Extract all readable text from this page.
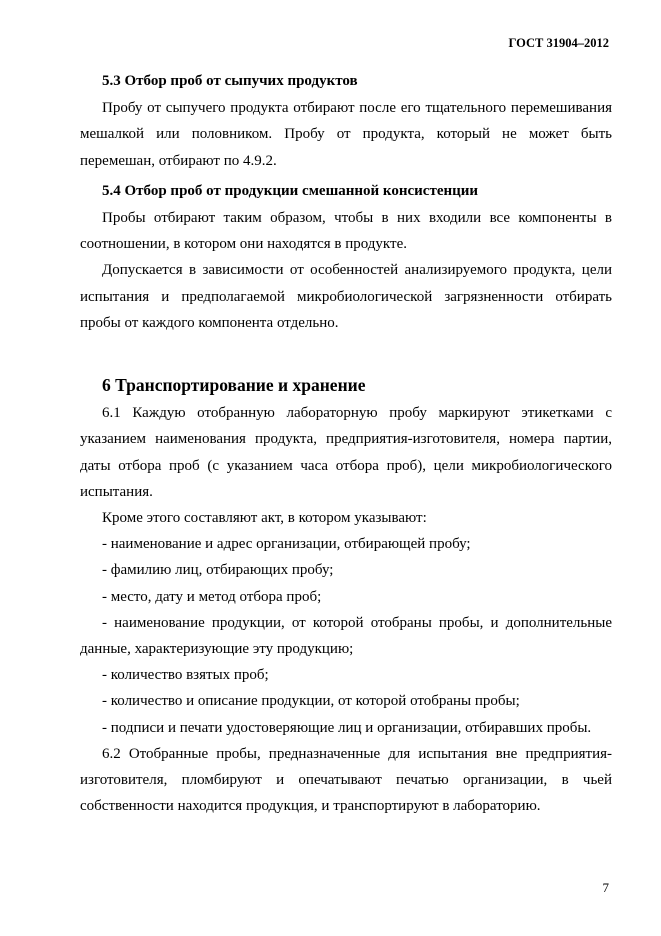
ГОСТ 31904–2012

5.3 Отбор проб от сыпучих продуктов

Пробу от сыпучего продукта отбирают после его тщательного перемешивания мешалкой или половником. Пробу от продукта, который не может быть перемешан, отбирают по 4.9.2.

5.4 Отбор проб от продукции смешанной консистенции

Пробы отбирают таким образом, чтобы в них входили все компоненты в соотношении, в котором они находятся в продукте.

Допускается в зависимости от особенностей анализируемого продукта, цели испытания и предполагаемой микробиологической загрязненности отбирать пробы от каждого компонента отдельно.

6 Транспортирование и хранение

6.1 Каждую отобранную лабораторную пробу маркируют этикетками с указанием наименования продукта, предприятия-изготовителя, номера партии, даты отбора проб (с указанием часа отбора проб), цели микробиологического испытания.

Кроме этого составляют акт, в котором указывают:

- наименование и адрес организации, отбирающей пробу;

- фамилию лиц, отбирающих пробу;

- место, дату и метод отбора проб;

- наименование продукции, от которой отобраны пробы, и дополнительные данные, характеризующие эту продукцию;

- количество взятых проб;

- количество и описание продукции, от которой отобраны пробы;

- подписи и печати удостоверяющие лиц и организации, отбиравших пробы.

6.2 Отобранные пробы, предназначенные для испытания вне предприятия-изготовителя, пломбируют и опечатывают печатью организации, в чьей собственности находится продукция, и транспортируют в лабораторию.

7
